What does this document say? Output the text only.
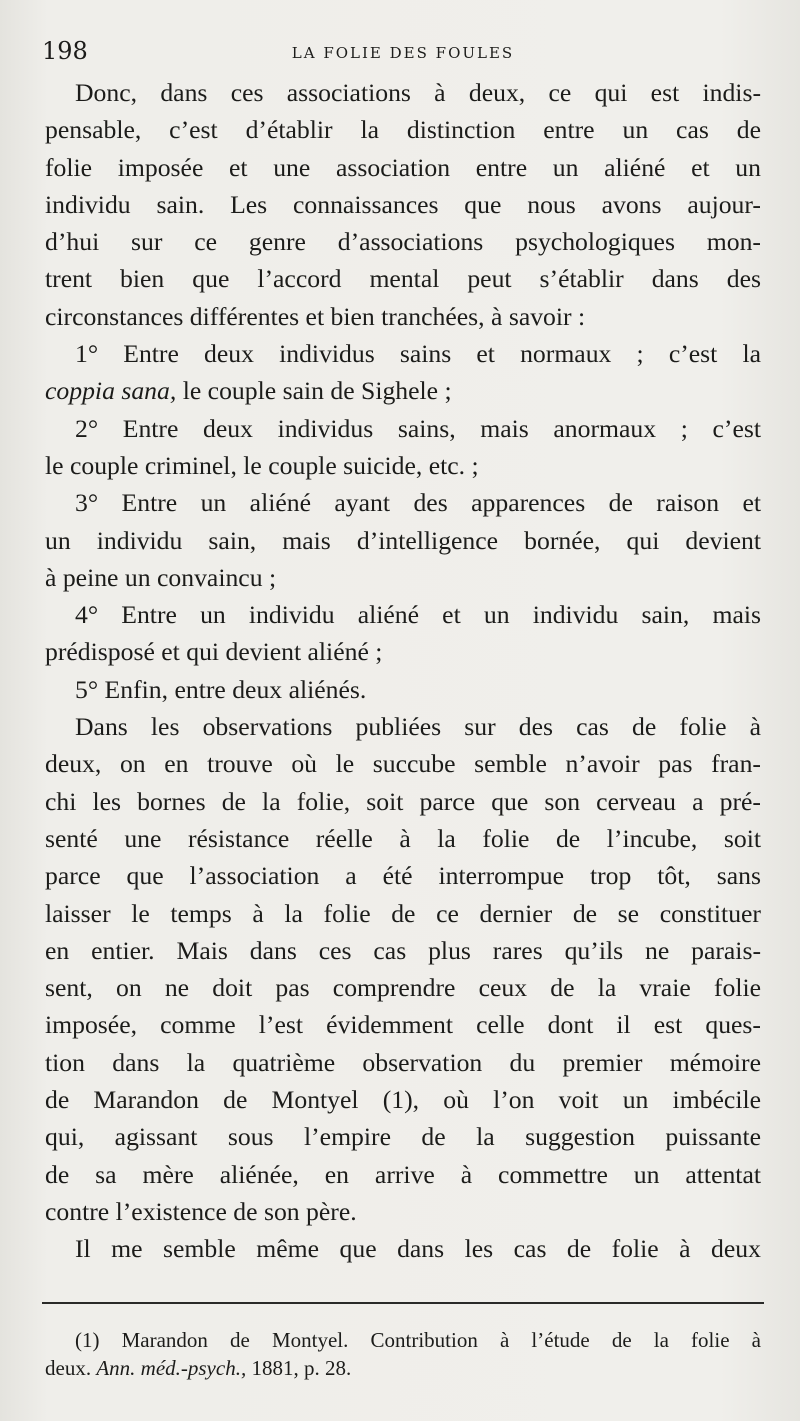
198	LA FOLIE DES FOULES

Donc, dans ces associations à deux, ce qui est indis-

pensable, c’est d’établir la distinction entre un cas de

folie imposée et une association entre un aliéné et un

individu sain. Les connaissances que nous avons aujour-

d’hui sur ce genre d’associations psychologiques mon-

trent bien que l’accord mental peut s’établir dans des

circonstances différentes et bien tranchées, à savoir :

1° Entre deux individus sains et normaux ; c’est la

coppia sana, le couple sain de Sighele ;

2° Entre deux individus sains, mais anormaux ; c’est

le couple criminel, le couple suicide, etc. ;

3° Entre un aliéné ayant des apparences de raison et

un individu sain, mais d’intelligence bornée, qui devient

à peine un convaincu ;

4° Entre un individu aliéné et un individu sain, mais

prédisposé et qui devient aliéné ;

5° Enfin, entre deux aliénés.

Dans les observations publiées sur des cas de folie à

deux, on en trouve où le succube semble n’avoir pas fran-

chi les bornes de la folie, soit parce que son cerveau a pré-

senté une résistance réelle à la folie de l’incube, soit

parce que l’association a été interrompue trop tôt, sans

laisser le temps à la folie de ce dernier de se constituer

en entier. Mais dans ces cas plus rares qu’ils ne parais-

sent, on ne doit pas comprendre ceux de la vraie folie

imposée, comme l’est évidemment celle dont il est ques-

tion dans la quatrième observation du premier mémoire

de Marandon de Montyel (1), où l’on voit un imbécile

qui, agissant sous l’empire de la suggestion puissante

de sa mère aliénée, en arrive à commettre un attentat

contre l’existence de son père.

Il me semble même que dans les cas de folie à deux

(1) Marandon de Montyel. Contribution à l’étude de la folie à

deux. Ann. méd.-psych., 1881, p. 28.
